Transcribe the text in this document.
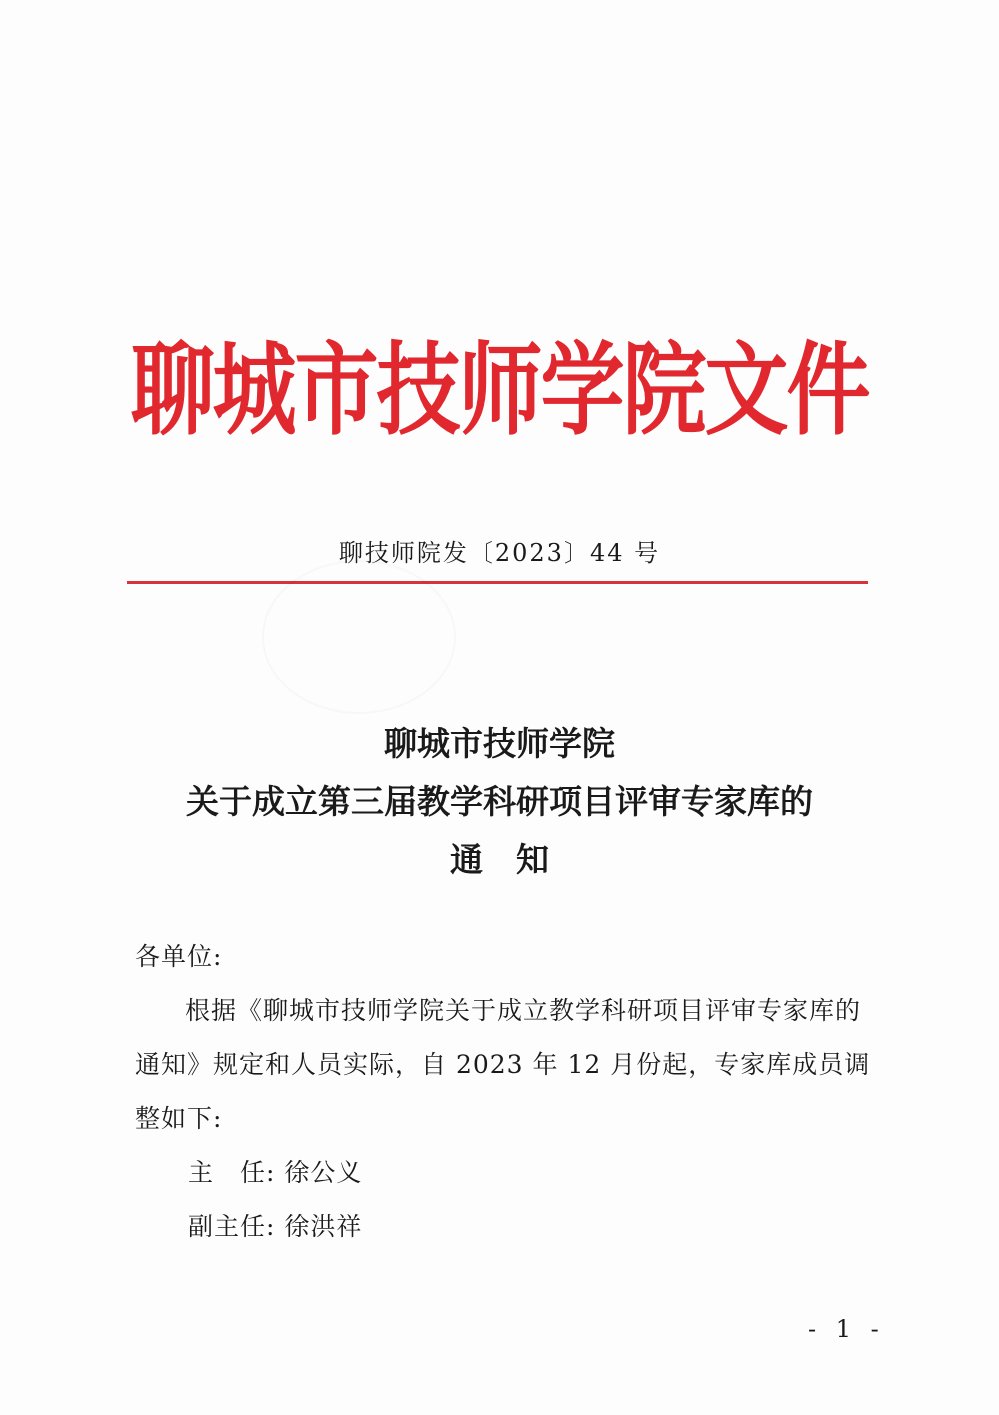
聊城市技师学院文件
聊技师院发〔2023〕44 号
聊城市技师学院
关于成立第三届教学科研项目评审专家库的
通　知

各单位:

根据《聊城市技师学院关于成立教学科研项目评审专家库的通知》规定和人员实际，自 2023 年 12 月份起，专家库成员调整如下:

主　任: 徐公义

副主任: 徐洪祥

- 1 -
